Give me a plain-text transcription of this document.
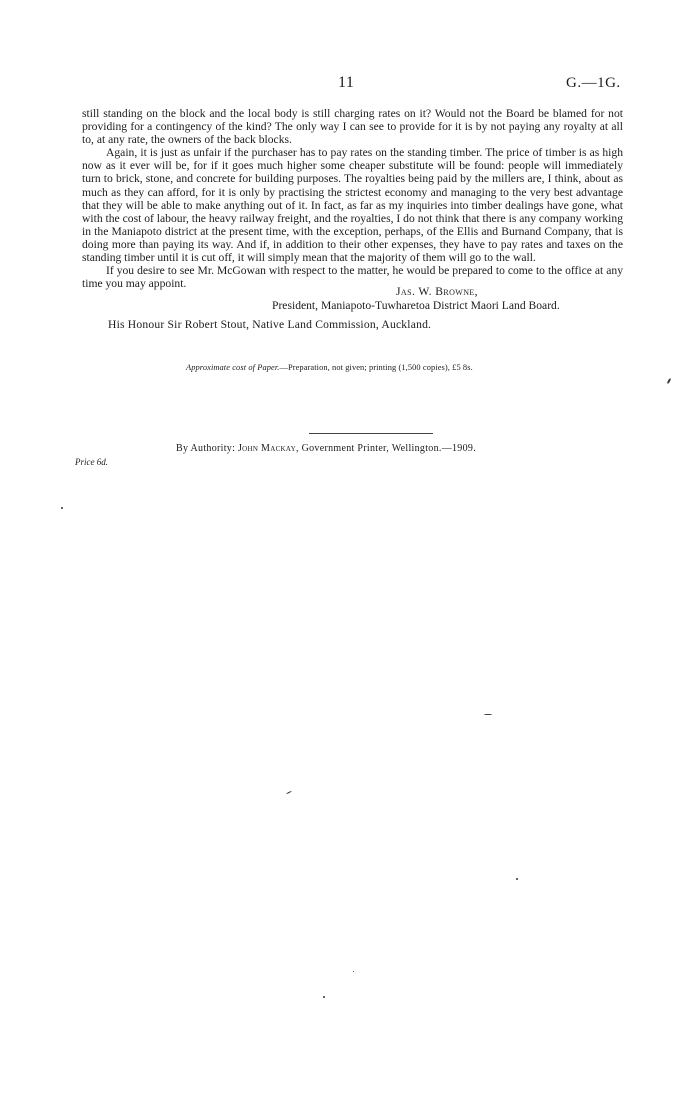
11	G.—1G.

still standing on the block and the local body is still charging rates on it? Would not the Board be blamed for not providing for a contingency of the kind? The only way I can see to provide for it is by not paying any royalty at all to, at any rate, the owners of the back blocks.

Again, it is just as unfair if the purchaser has to pay rates on the standing timber. The price of timber is as high now as it ever will be, for if it goes much higher some cheaper substitute will be found: people will immediately turn to brick, stone, and concrete for building purposes. The royalties being paid by the millers are, I think, about as much as they can afford, for it is only by practising the strictest economy and managing to the very best advantage that they will be able to make anything out of it. In fact, as far as my inquiries into timber dealings have gone, what with the cost of labour, the heavy railway freight, and the royalties, I do not think that there is any company working in the Maniapoto district at the present time, with the exception, perhaps, of the Ellis and Burnand Company, that is doing more than paying its way. And if, in addition to their other expenses, they have to pay rates and taxes on the standing timber until it is cut off, it will simply mean that the majority of them will go to the wall.

If you desire to see Mr. McGowan with respect to the matter, he would be prepared to come to the office at any time you may appoint.

Jas. W. Browne,
President, Maniapoto-Tuwharetoa District Maori Land Board.
His Honour Sir Robert Stout, Native Land Commission, Auckland.
Approximate cost of Paper.—Preparation, not given; printing (1,500 copies), £5 8s.
By Authority: John Mackay, Government Printer, Wellington.—1909.
Price 6d.
